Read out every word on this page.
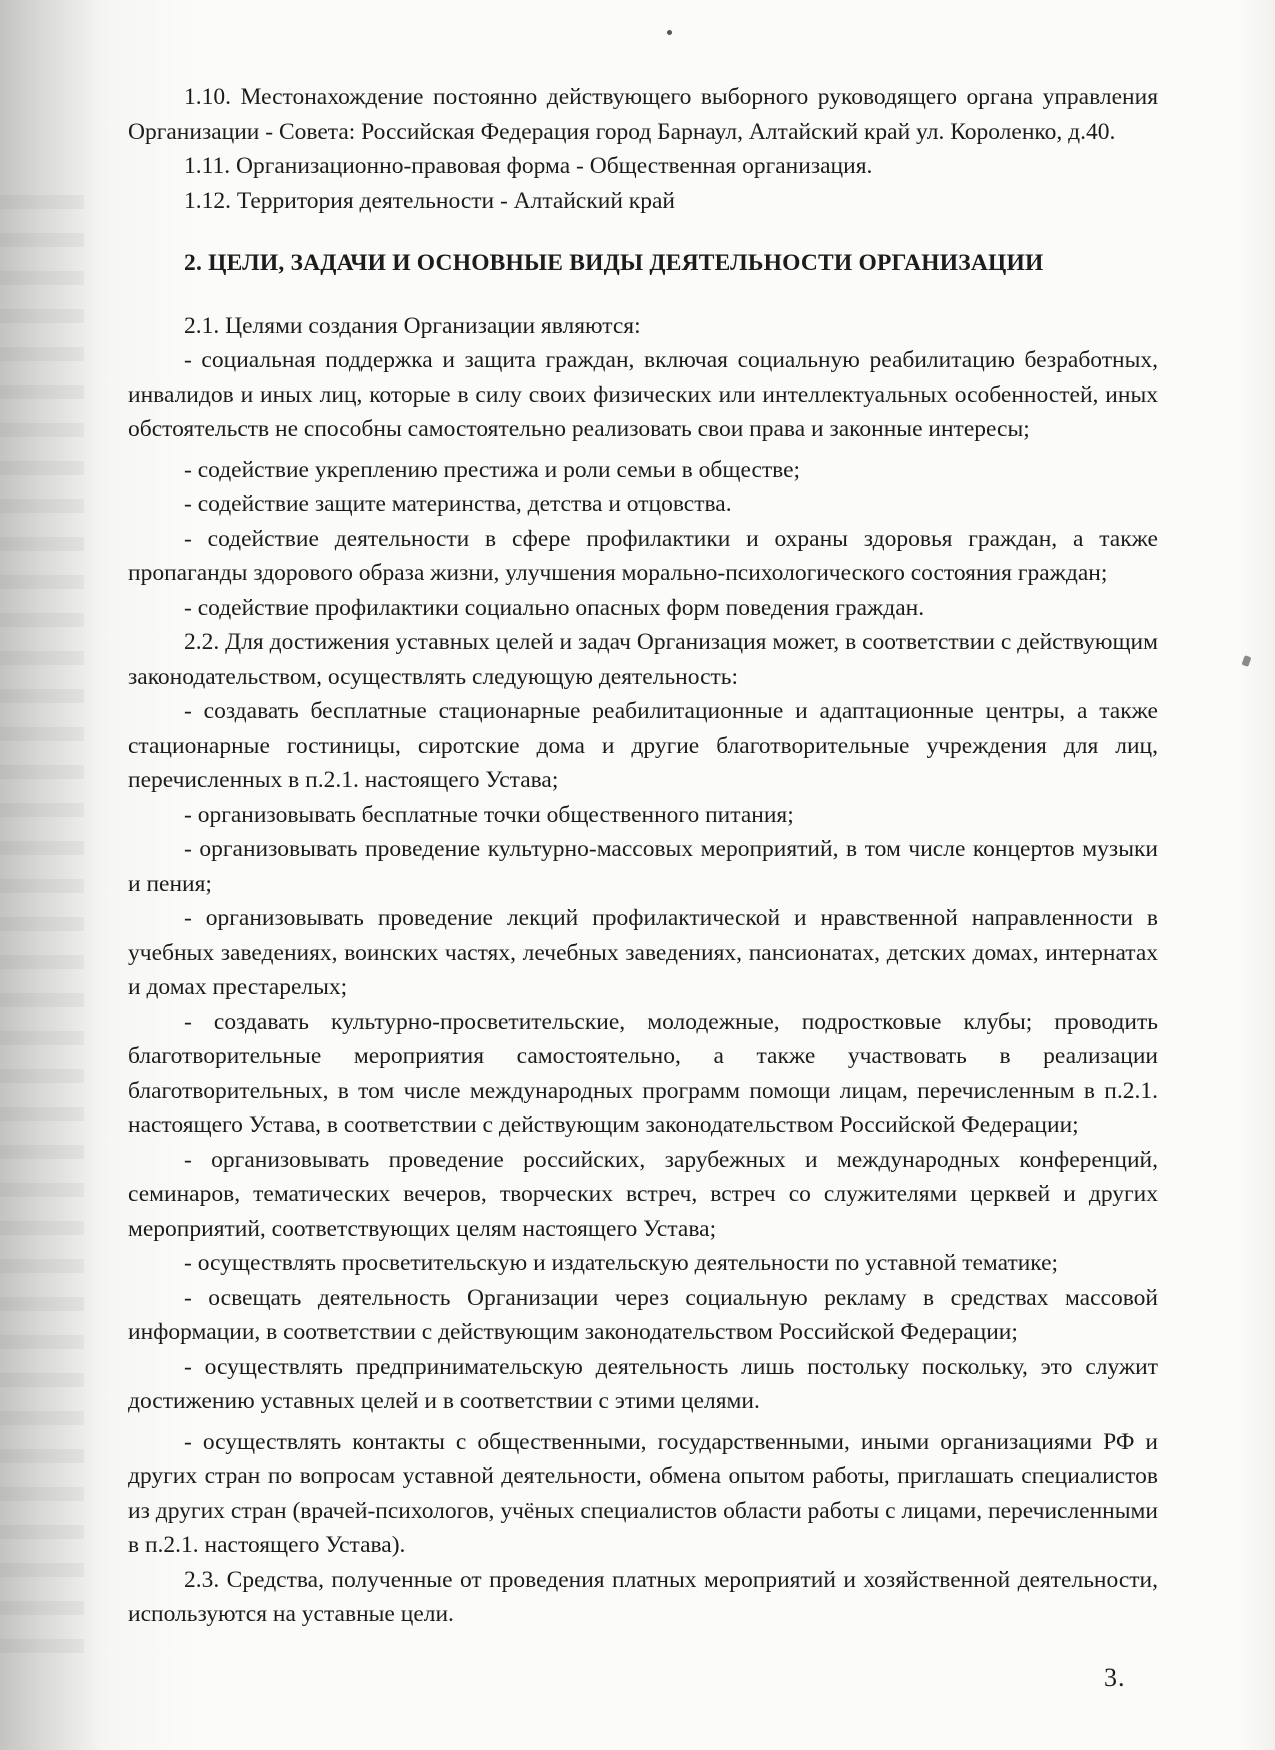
1.10. Местонахождение постоянно действующего выборного руководящего органа управления Организации - Совета: Российская Федерация город Барнаул, Алтайский край ул. Короленко, д.40.

1.11. Организационно-правовая форма - Общественная организация.

1.12. Территория деятельности - Алтайский край

2. ЦЕЛИ, ЗАДАЧИ И ОСНОВНЫЕ ВИДЫ ДЕЯТЕЛЬНОСТИ ОРГАНИЗАЦИИ

2.1. Целями создания Организации являются:

- социальная поддержка и защита граждан, включая социальную реабилитацию безработных, инвалидов и иных лиц, которые в силу своих физических или интеллектуальных особенностей, иных обстоятельств не способны самостоятельно реализовать свои права и законные интересы;

- содействие укреплению престижа и роли семьи в обществе;

- содействие защите материнства, детства и отцовства.

- содействие деятельности в сфере профилактики и охраны здоровья граждан, а также пропаганды здорового образа жизни, улучшения морально-психологического состояния граждан;

- содействие профилактики социально опасных форм поведения граждан.

2.2. Для достижения уставных целей и задач Организация может, в соответствии с действующим законодательством, осуществлять следующую деятельность:

- создавать бесплатные стационарные реабилитационные и адаптационные центры, а также стационарные гостиницы, сиротские дома и другие благотворительные учреждения для лиц, перечисленных в п.2.1. настоящего Устава;

- организовывать бесплатные точки общественного питания;

- организовывать проведение культурно-массовых мероприятий, в том числе концертов музыки и пения;

- организовывать проведение лекций профилактической и нравственной направленности в учебных заведениях, воинских частях, лечебных заведениях, пансионатах, детских домах, интернатах и домах престарелых;

- создавать культурно-просветительские, молодежные, подростковые клубы; проводить благотворительные мероприятия самостоятельно, а также участвовать в реализации благотворительных, в том числе международных программ помощи лицам, перечисленным в п.2.1. настоящего Устава, в соответствии с действующим законодательством Российской Федерации;

- организовывать проведение российских, зарубежных и международных конференций, семинаров, тематических вечеров, творческих встреч, встреч со служителями церквей и других мероприятий, соответствующих целям настоящего Устава;

- осуществлять просветительскую и издательскую деятельности по уставной тематике;

- освещать деятельность Организации через социальную рекламу в средствах массовой информации, в соответствии с действующим законодательством Российской Федерации;

- осуществлять предпринимательскую деятельность лишь постольку поскольку, это служит достижению уставных целей и в соответствии с этими целями.

- осуществлять контакты с общественными, государственными, иными организациями РФ и других стран по вопросам уставной деятельности, обмена опытом работы, приглашать специалистов из других стран (врачей-психологов, учёных специалистов области работы с лицами, перечисленными в п.2.1. настоящего Устава).

2.3. Средства, полученные от проведения платных мероприятий и хозяйственной деятельности, используются на уставные цели.

3.
